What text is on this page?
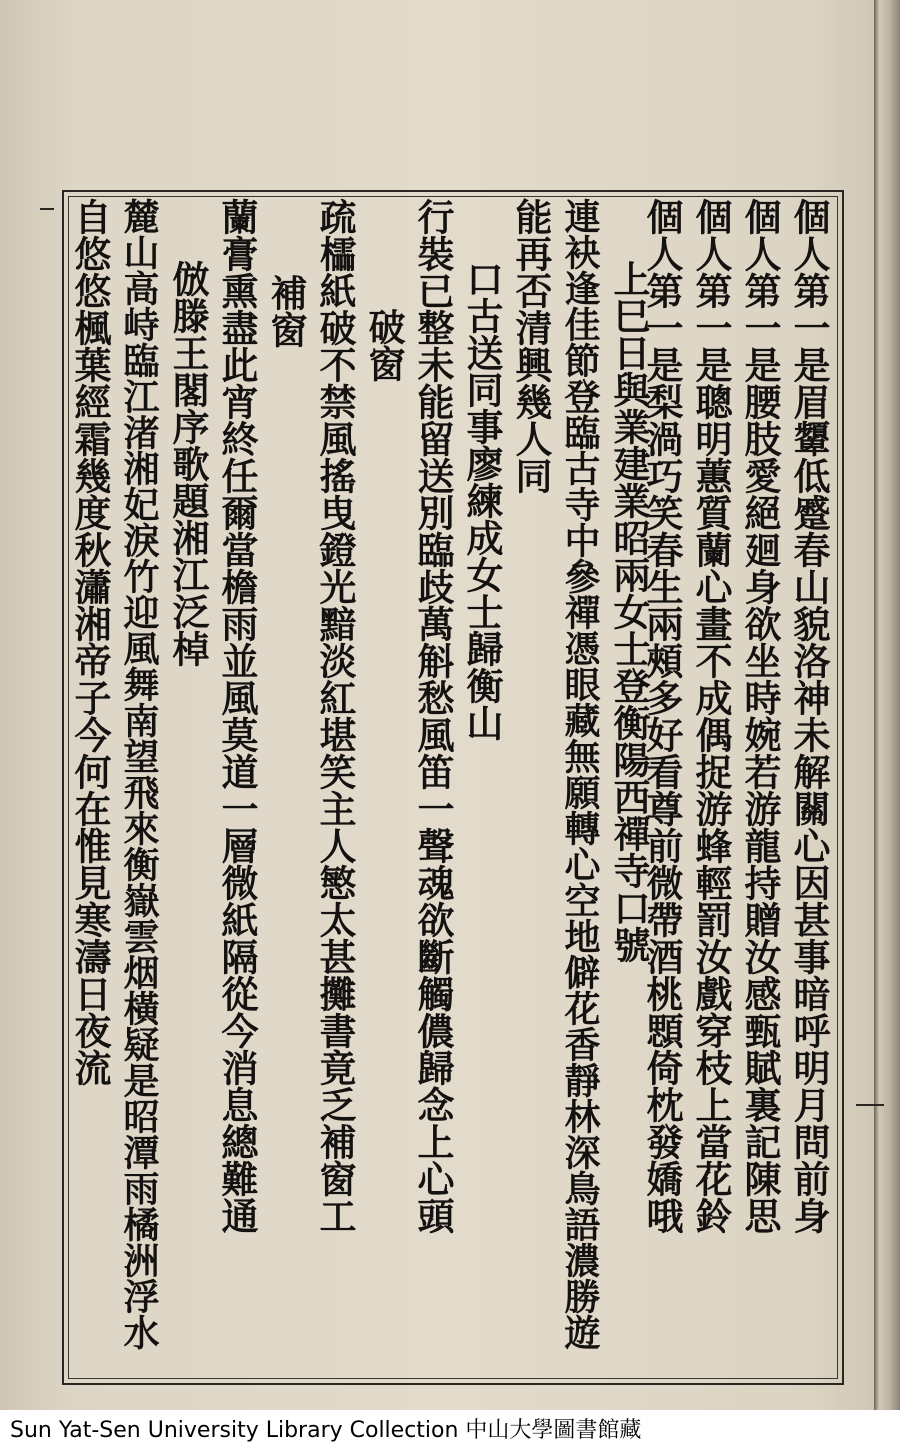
個人第一是眉顰低蹙春山貌洛神未解關心因甚事暗呼明月問前身
個人第一是腰肢愛絕廻身欲坐時婉若游龍持贈汝感甄賦裏記陳思
個人第一是聰明蕙質蘭心畫不成偶捉游蜂輕罰汝戲穿枝上當花鈴
個人第一是梨渦巧笑春生兩頰多好看尊前微帶酒桃顋倚枕發嬌哦
上巳日與業建業昭兩女士登衡陽西禪寺口號
連袂逢佳節登臨古寺中參禪憑眼藏無願轉心空地僻花香靜林深鳥語濃勝遊
能再否清興幾人同
口古送同事廖練成女士歸衡山
行裝已整未能留送別臨歧萬斛愁風笛一聲魂欲斷觸儂歸念上心頭
破窗
疏櫺紙破不禁風搖曳鐙光黯淡紅堪笑主人慜太甚攤書竟乏補窗工
補窗
蘭膏熏盡此宵終任爾當檐雨並風莫道一層微紙隔從今消息總難通
倣滕王閣序歌題湘江泛棹
麓山高峙臨江渚湘妃淚竹迎風舞南望飛來衡嶽雲烟橫疑是昭潭雨橘洲浮水
自悠悠楓葉經霜幾度秋瀟湘帝子今何在惟見寒濤日夜流
Sun Yat-Sen University Library Collection 中山大學圖書館藏
